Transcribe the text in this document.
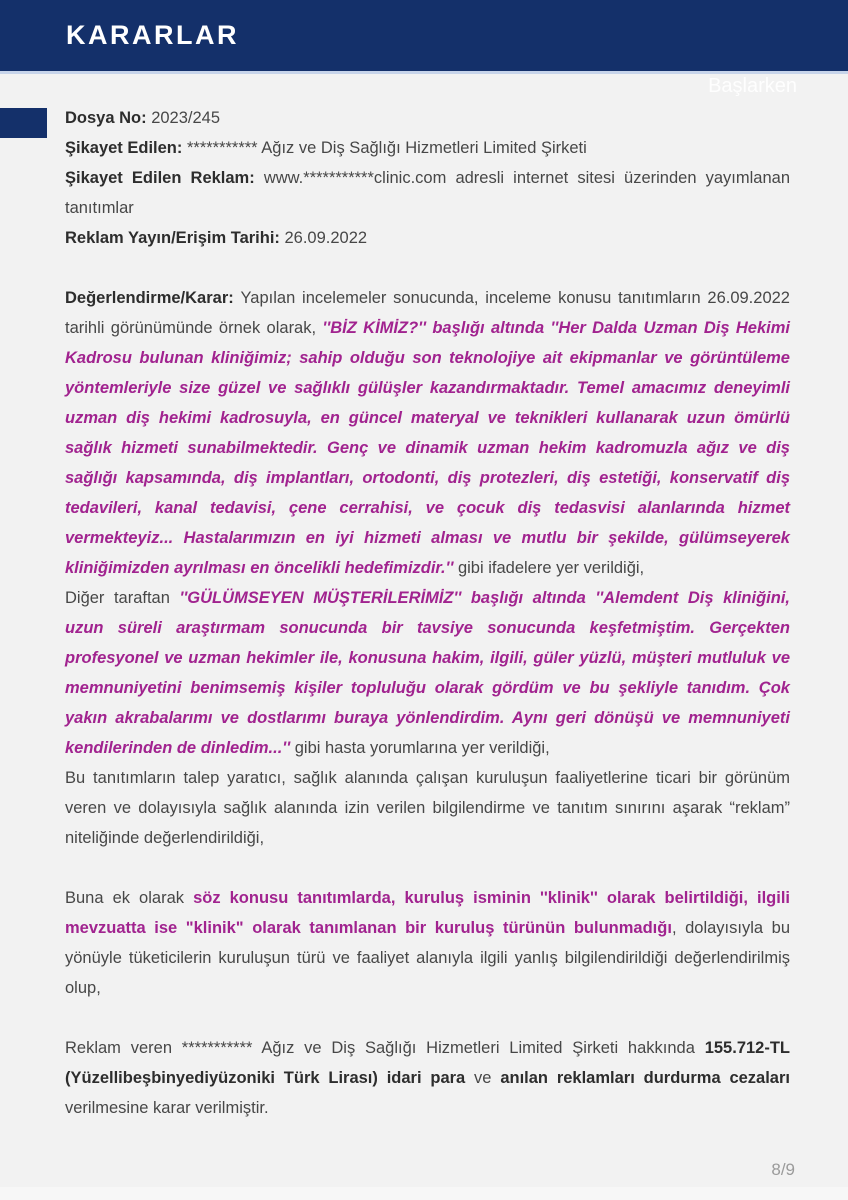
KARARLAR
Başlarken

Dosya No: 2023/245

Şikayet Edilen: *********** Ağız ve Diş Sağlığı Hizmetleri Limited Şirketi

Şikayet Edilen Reklam: www.***********clinic.com adresli internet sitesi üzerinden yayımlanan tanıtımlar

Reklam Yayın/Erişim Tarihi: 26.09.2022

Değerlendirme/Karar: Yapılan incelemeler sonucunda, inceleme konusu tanıtımların 26.09.2022 tarihli görünümünde örnek olarak, ''BİZ KİMİZ?'' başlığı altında ''Her Dalda Uzman Diş Hekimi Kadrosu bulunan kliniğimiz; sahip olduğu son teknolojiye ait ekipmanlar ve görüntüleme yöntemleriyle size güzel ve sağlıklı gülüşler kazandırmaktadır. Temel amacımız deneyimli uzman diş hekimi kadrosuyla, en güncel materyal ve teknikleri kullanarak uzun ömürlü sağlık hizmeti sunabilmektedir. Genç ve dinamik uzman hekim kadromuzla ağız ve diş sağlığı kapsamında, diş implantları, ortodonti, diş protezleri, diş estetiği, konservatif diş tedavileri, kanal tedavisi, çene cerrahisi, ve çocuk diş tedasvisi alanlarında hizmet vermekteyiz... Hastalarımızın en iyi hizmeti alması ve mutlu bir şekilde, gülümseyerek kliniğimizden ayrılması en öncelikli hedefimizdir.'' gibi ifadelere yer verildiği,

Diğer taraftan ''GÜLÜMSEYEN MÜŞTERİLERİMİZ'' başlığı altında ''Alemdent Diş kliniğini, uzun süreli araştırmam sonucunda bir tavsiye sonucunda keşfetmiştim. Gerçekten profesyonel ve uzman hekimler ile, konusuna hakim, ilgili, güler yüzlü, müşteri mutluluk ve memnuniyetini benimsemiş kişiler topluluğu olarak gördüm ve bu şekliyle tanıdım. Çok yakın akrabalarımı ve dostlarımı buraya yönlendirdim. Aynı geri dönüşü ve memnuniyeti kendilerinden de dinledim...'' gibi hasta yorumlarına yer verildiği,

Bu tanıtımların talep yaratıcı, sağlık alanında çalışan kuruluşun faaliyetlerine ticari bir görünüm veren ve dolayısıyla sağlık alanında izin verilen bilgilendirme ve tanıtım sınırını aşarak “reklam” niteliğinde değerlendirildiği,

Buna ek olarak söz konusu tanıtımlarda, kuruluş isminin ''klinik'' olarak belirtildiği, ilgili mevzuatta ise "klinik" olarak tanımlanan bir kuruluş türünün bulunmadığı, dolayısıyla bu yönüyle tüketicilerin kuruluşun türü ve faaliyet alanıyla ilgili yanlış bilgilendirildiği değerlendirilmiş olup,

Reklam veren *********** Ağız ve Diş Sağlığı Hizmetleri Limited Şirketi hakkında 155.712-TL (Yüzellibeşbinyediyüzoniki Türk Lirası) idari para ve anılan reklamları durdurma cezaları verilmesine karar verilmiştir.

8/9
